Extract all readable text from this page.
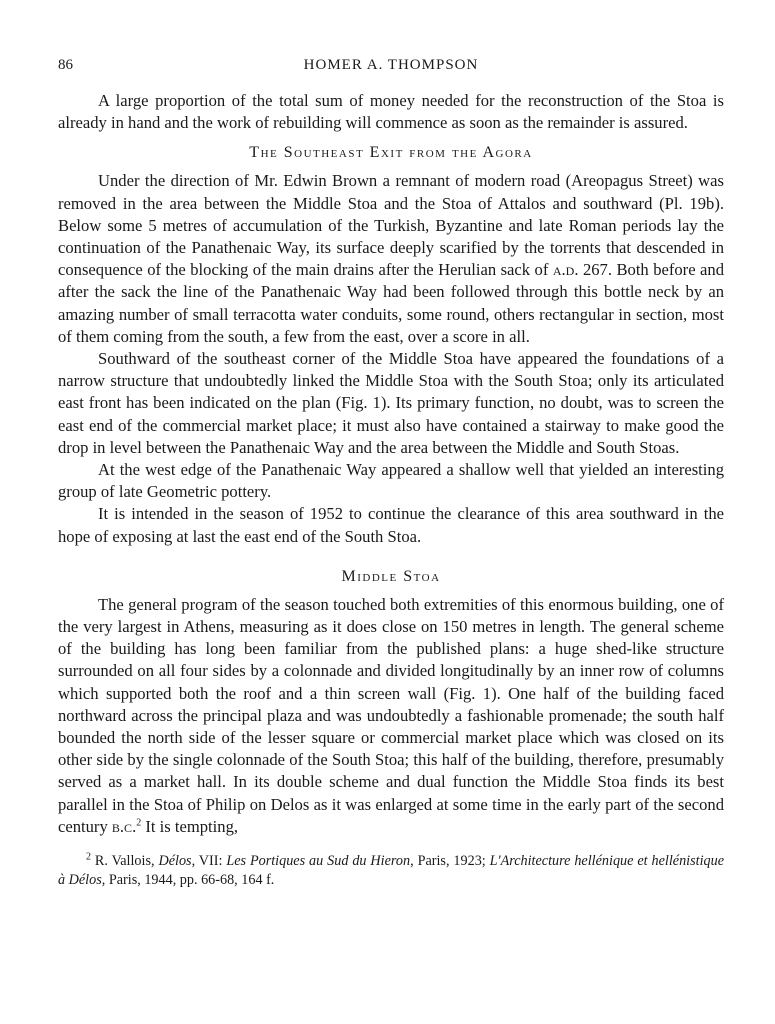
86	HOMER A. THOMPSON

A large proportion of the total sum of money needed for the reconstruction of the Stoa is already in hand and the work of rebuilding will commence as soon as the remainder is assured.

The Southeast Exit from the Agora

Under the direction of Mr. Edwin Brown a remnant of modern road (Areopagus Street) was removed in the area between the Middle Stoa and the Stoa of Attalos and southward (Pl. 19b). Below some 5 metres of accumulation of the Turkish, Byzantine and late Roman periods lay the continuation of the Panathenaic Way, its surface deeply scarified by the torrents that descended in consequence of the blocking of the main drains after the Herulian sack of a.d. 267. Both before and after the sack the line of the Panathenaic Way had been followed through this bottle neck by an amazing number of small terracotta water conduits, some round, others rectangular in section, most of them coming from the south, a few from the east, over a score in all.

Southward of the southeast corner of the Middle Stoa have appeared the foundations of a narrow structure that undoubtedly linked the Middle Stoa with the South Stoa; only its articulated east front has been indicated on the plan (Fig. 1). Its primary function, no doubt, was to screen the east end of the commercial market place; it must also have contained a stairway to make good the drop in level between the Panathenaic Way and the area between the Middle and South Stoas.

At the west edge of the Panathenaic Way appeared a shallow well that yielded an interesting group of late Geometric pottery.

It is intended in the season of 1952 to continue the clearance of this area southward in the hope of exposing at last the east end of the South Stoa.

Middle Stoa

The general program of the season touched both extremities of this enormous building, one of the very largest in Athens, measuring as it does close on 150 metres in length. The general scheme of the building has long been familiar from the published plans: a huge shed-like structure surrounded on all four sides by a colonnade and divided longitudinally by an inner row of columns which supported both the roof and a thin screen wall (Fig. 1). One half of the building faced northward across the principal plaza and was undoubtedly a fashionable promenade; the south half bounded the north side of the lesser square or commercial market place which was closed on its other side by the single colonnade of the South Stoa; this half of the building, therefore, presumably served as a market hall. In its double scheme and dual function the Middle Stoa finds its best parallel in the Stoa of Philip on Delos as it was enlarged at some time in the early part of the second century b.c.$^2$ It is tempting,

$^2$ R. Vallois, Délos, VII: Les Portiques au Sud du Hieron, Paris, 1923; L'Architecture hellénique et hellénistique à Délos, Paris, 1944, pp. 66-68, 164 f.
